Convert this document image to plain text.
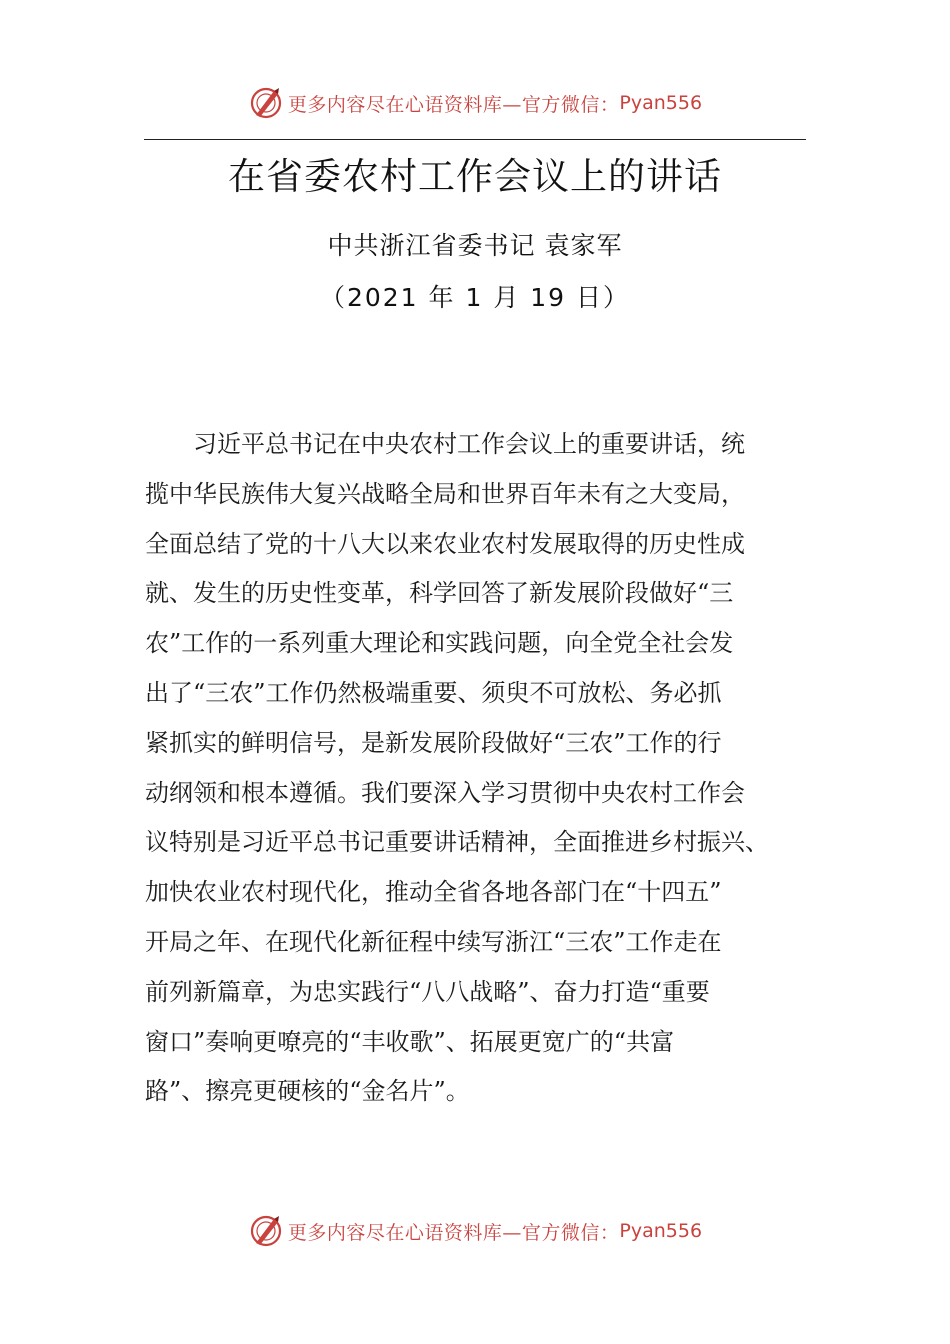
更多内容尽在心语资料库—官方微信： Pyan556
在省委农村工作会议上的讲话
中共浙江省委书记 袁家军
（2021 年 1 月 19 日）
习近平总书记在中央农村工作会议上的重要讲话，统
揽中华民族伟大复兴战略全局和世界百年未有之大变局，
全面总结了党的十八大以来农业农村发展取得的历史性成
就、发生的历史性变革，科学回答了新发展阶段做好“三
农”工作的一系列重大理论和实践问题，向全党全社会发
出了“三农”工作仍然极端重要、须臾不可放松、务必抓
紧抓实的鲜明信号，是新发展阶段做好“三农”工作的行
动纲领和根本遵循。我们要深入学习贯彻中央农村工作会
议特别是习近平总书记重要讲话精神，全面推进乡村振兴、
加快农业农村现代化，推动全省各地各部门在“十四五”
开局之年、在现代化新征程中续写浙江“三农”工作走在
前列新篇章，为忠实践行“八八战略”、奋力打造“重要
窗口”奏响更嘹亮的“丰收歌”、拓展更宽广的“共富
路”、擦亮更硬核的“金名片”。
更多内容尽在心语资料库—官方微信： Pyan556
